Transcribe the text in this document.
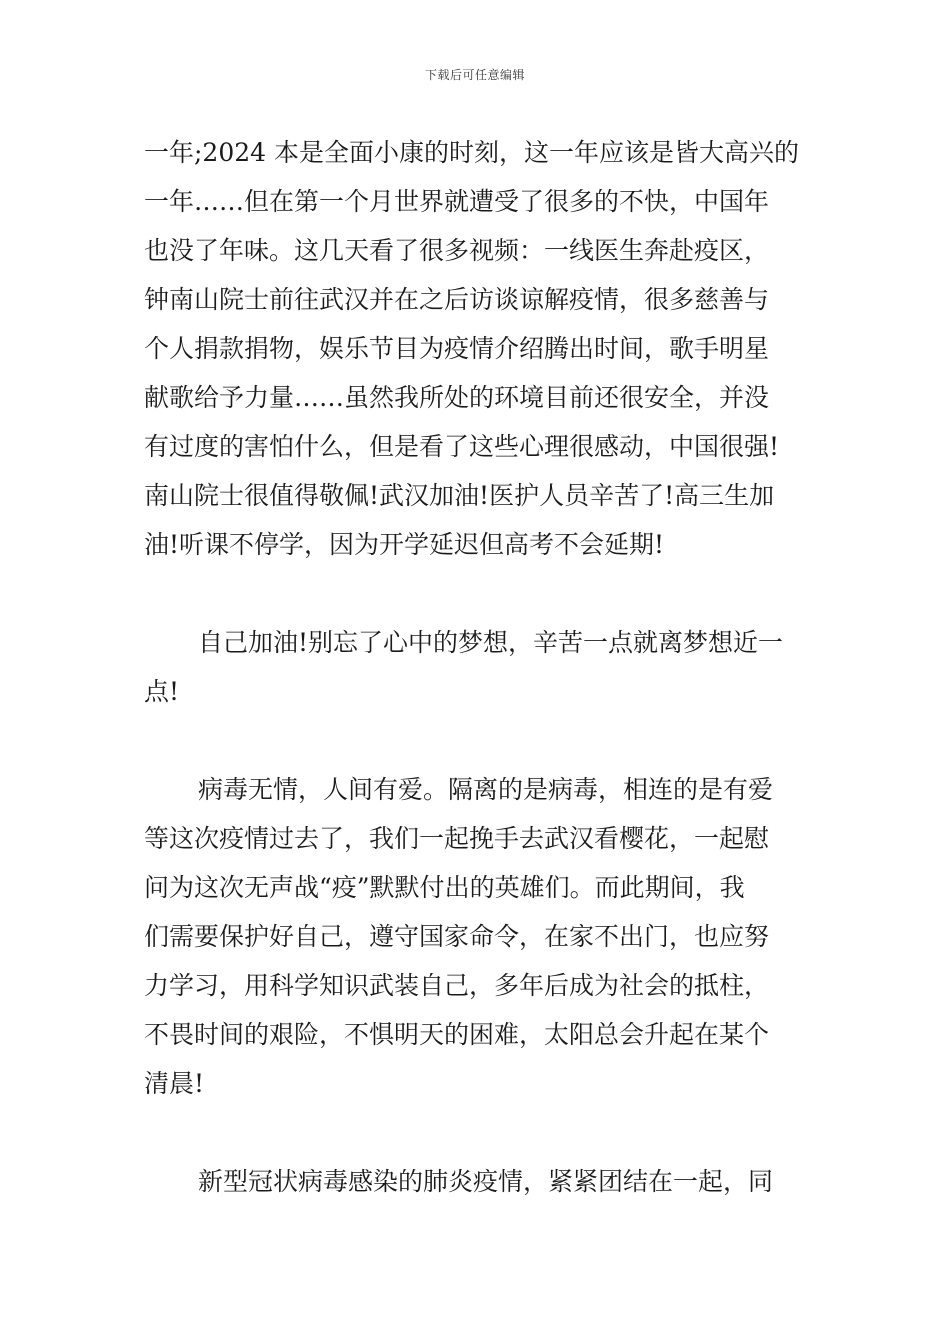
下载后可任意编辑
一年;2024 本是全面小康的时刻，这一年应该是皆大高兴的
一年……但在第一个月世界就遭受了很多的不快，中国年
也没了年味。这几天看了很多视频：一线医生奔赴疫区，
钟南山院士前往武汉并在之后访谈谅解疫情，很多慈善与
个人捐款捐物，娱乐节目为疫情介绍腾出时间，歌手明星
献歌给予力量……虽然我所处的环境目前还很安全，并没
有过度的害怕什么，但是看了这些心理很感动，中国很强!
南山院士很值得敬佩!武汉加油!医护人员辛苦了!高三生加
油!听课不停学，因为开学延迟但高考不会延期!
自己加油!别忘了心中的梦想，辛苦一点就离梦想近一
点!
病毒无情，人间有爱。隔离的是病毒，相连的是有爱
等这次疫情过去了，我们一起挽手去武汉看樱花，一起慰
问为这次无声战“疫”默默付出的英雄们。而此期间，我
们需要保护好自己，遵守国家命令，在家不出门，也应努
力学习，用科学知识武装自己，多年后成为社会的抵柱，
不畏时间的艰险，不惧明天的困难，太阳总会升起在某个
清晨!
新型冠状病毒感染的肺炎疫情，紧紧团结在一起，同
